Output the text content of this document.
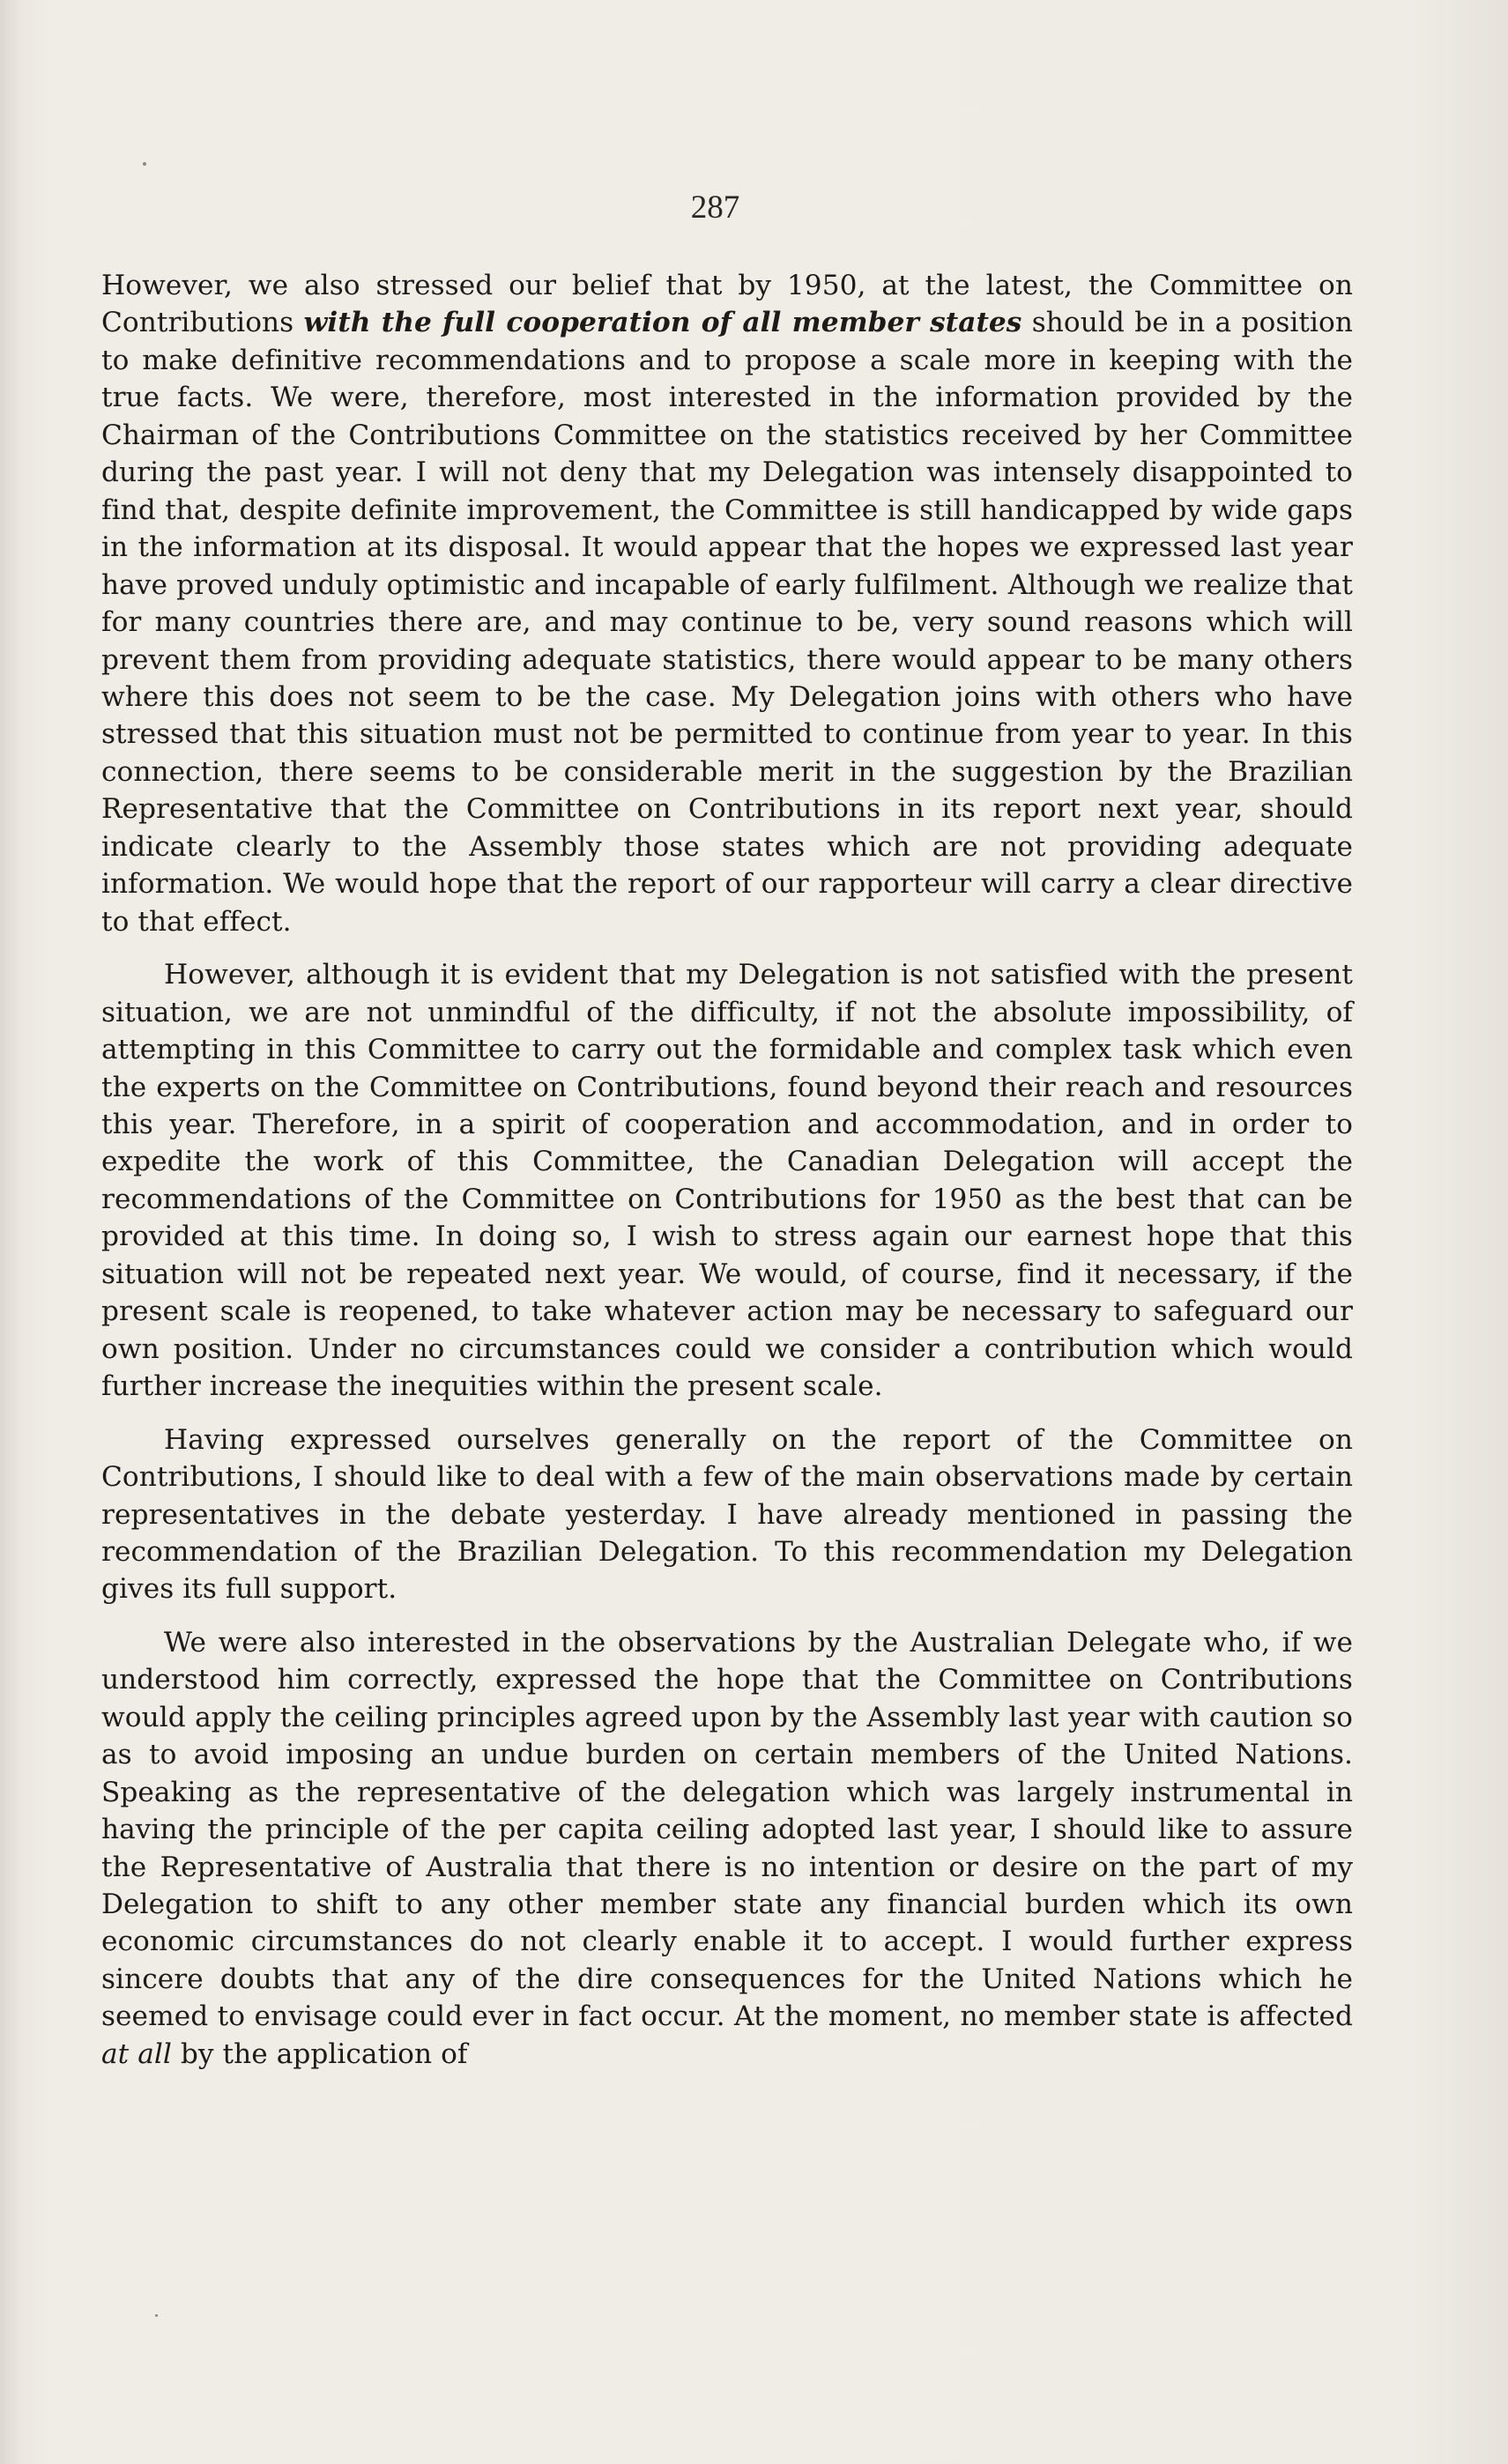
287

However, we also stressed our belief that by 1950, at the latest, the Committee on Contributions with the full cooperation of all member states should be in a position to make definitive recommendations and to propose a scale more in keeping with the true facts. We were, therefore, most interested in the information provided by the Chairman of the Contributions Committee on the statistics received by her Committee during the past year. I will not deny that my Delegation was intensely disappointed to find that, despite definite improvement, the Committee is still handicapped by wide gaps in the information at its disposal. It would appear that the hopes we expressed last year have proved unduly optimistic and incapable of early fulfilment. Although we realize that for many countries there are, and may continue to be, very sound reasons which will prevent them from providing adequate statistics, there would appear to be many others where this does not seem to be the case. My Delegation joins with others who have stressed that this situation must not be permitted to continue from year to year. In this connection, there seems to be considerable merit in the suggestion by the Brazilian Representative that the Committee on Contributions in its report next year, should indicate clearly to the Assembly those states which are not providing adequate information. We would hope that the report of our rapporteur will carry a clear directive to that effect.

However, although it is evident that my Delegation is not satisfied with the present situation, we are not unmindful of the difficulty, if not the absolute impossibility, of attempting in this Committee to carry out the formidable and complex task which even the experts on the Committee on Contributions, found beyond their reach and resources this year. Therefore, in a spirit of cooperation and accommodation, and in order to expedite the work of this Committee, the Canadian Delegation will accept the recommendations of the Committee on Contributions for 1950 as the best that can be provided at this time. In doing so, I wish to stress again our earnest hope that this situation will not be repeated next year. We would, of course, find it necessary, if the present scale is reopened, to take whatever action may be necessary to safeguard our own position. Under no circumstances could we consider a contribution which would further increase the inequities within the present scale.

Having expressed ourselves generally on the report of the Committee on Contributions, I should like to deal with a few of the main observations made by certain representatives in the debate yesterday. I have already mentioned in passing the recommendation of the Brazilian Delegation. To this recommendation my Delegation gives its full support.

We were also interested in the observations by the Australian Delegate who, if we understood him correctly, expressed the hope that the Committee on Contributions would apply the ceiling principles agreed upon by the Assembly last year with caution so as to avoid imposing an undue burden on certain members of the United Nations. Speaking as the representative of the delegation which was largely instrumental in having the principle of the per capita ceiling adopted last year, I should like to assure the Representative of Australia that there is no intention or desire on the part of my Delegation to shift to any other member state any financial burden which its own economic circumstances do not clearly enable it to accept. I would further express sincere doubts that any of the dire consequences for the United Nations which he seemed to envisage could ever in fact occur. At the moment, no member state is affected at all by the application of
